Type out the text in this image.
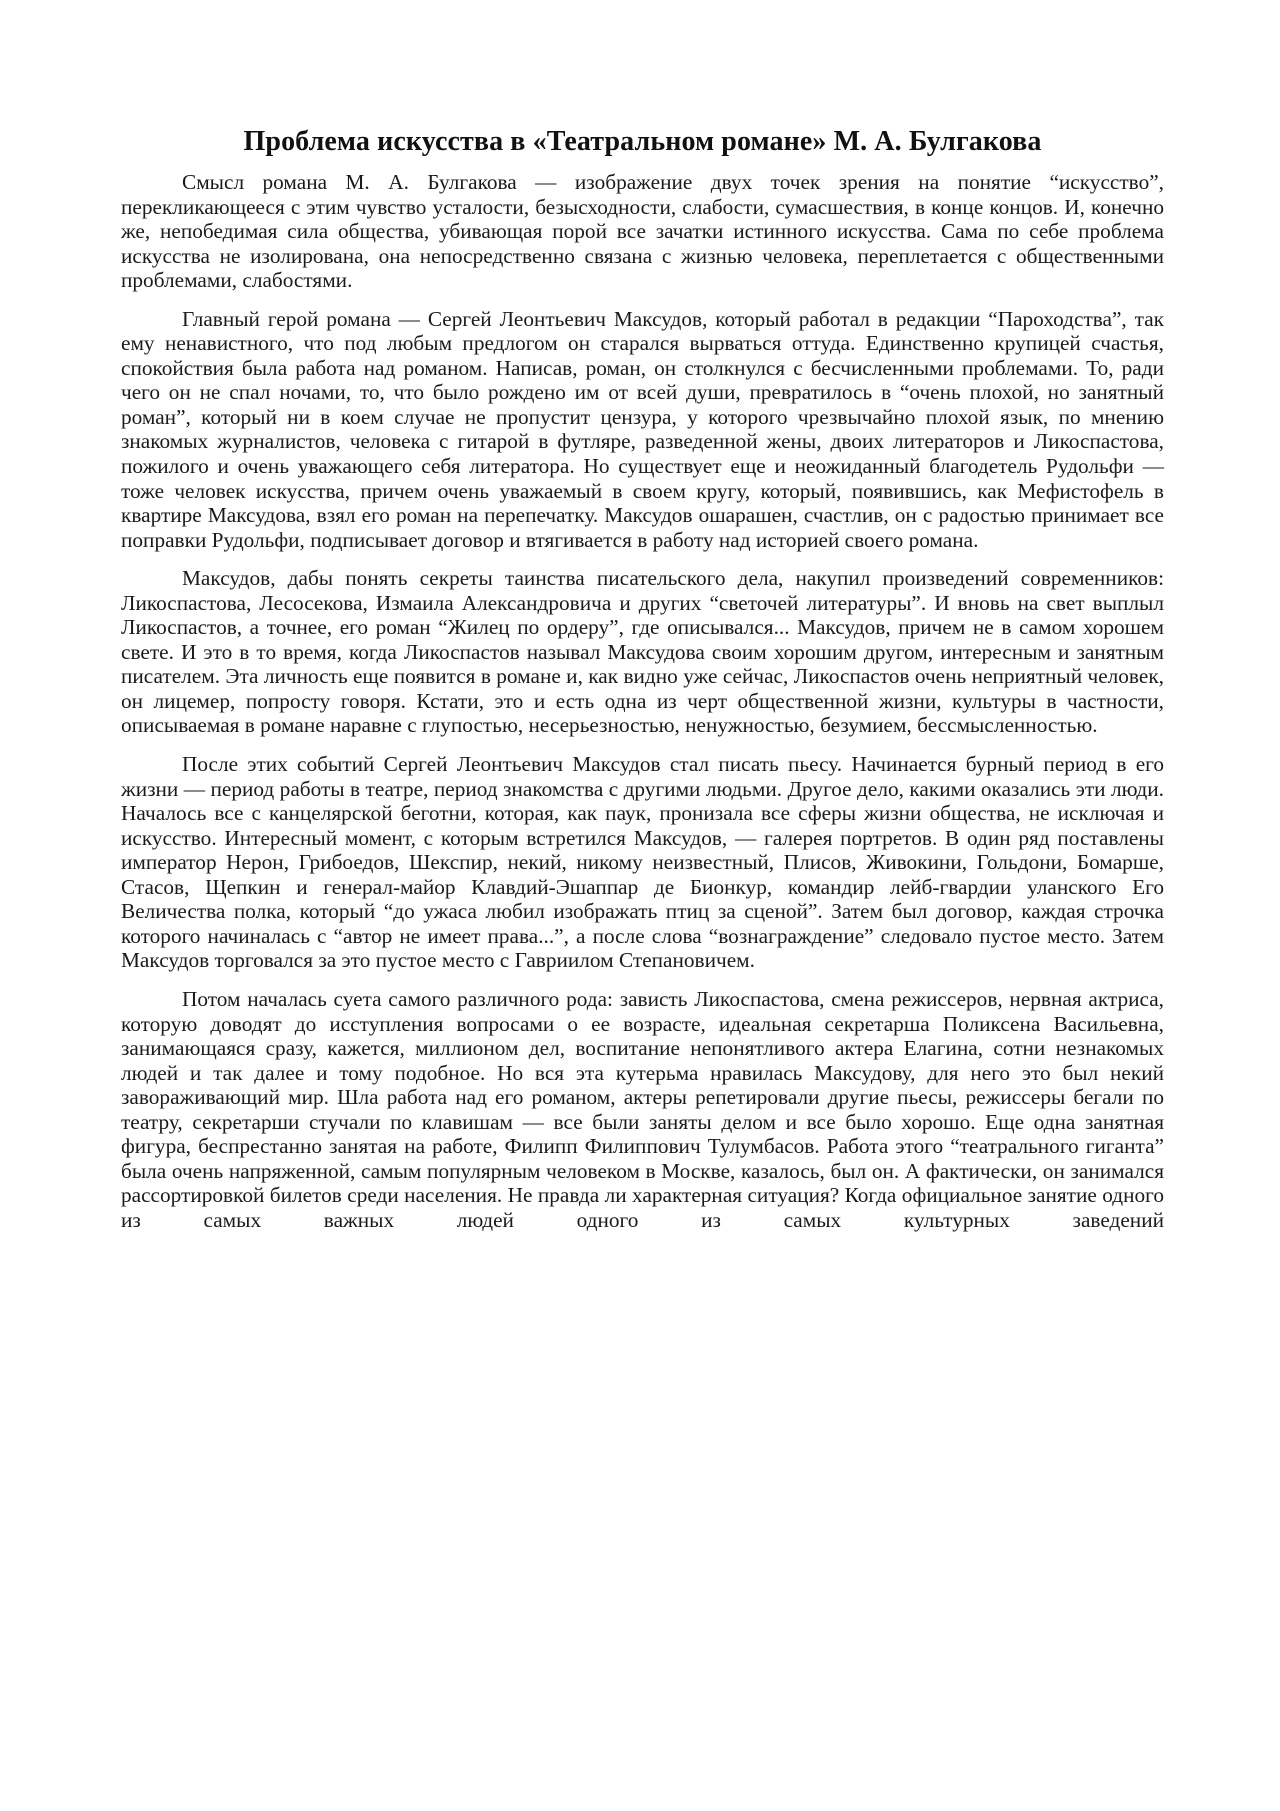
Проблема искусства в «Театральном романе» М. А. Булгакова

Смысл романа М. А. Булгакова — изображение двух точек зрения на понятие “искусство”, перекликающееся с этим чувство усталости, безысходности, слабости, сумасшествия, в конце концов. И, конечно же, непобедимая сила общества, убивающая порой все зачатки истинного искусства. Сама по себе проблема искусства не изолирована, она непосредственно связана с жизнью человека, переплетается с общественными проблемами, слабостями.

Главный герой романа — Сергей Леонтьевич Максудов, который работал в редакции “Пароходства”, так ему ненавистного, что под любым предлогом он старался вырваться оттуда. Единственно крупицей счастья, спокойствия была работа над романом. Написав, роман, он столкнулся с бесчисленными проблемами. То, ради чего он не спал ночами, то, что было рождено им от всей души, превратилось в “очень плохой, но занятный роман”, который ни в коем случае не пропустит цензура, у которого чрезвычайно плохой язык, по мнению знакомых журналистов, человека с гитарой в футляре, разведенной жены, двоих литераторов и Ликоспастова, пожилого и очень уважающего себя литератора. Но существует еще и неожиданный благодетель Рудольфи — тоже человек искусства, причем очень уважаемый в своем кругу, который, появившись, как Мефистофель в квартире Максудова, взял его роман на перепечатку. Максудов ошарашен, счастлив, он с радостью принимает все поправки Рудольфи, подписывает договор и втягивается в работу над историей своего романа.

Максудов, дабы понять секреты таинства писательского дела, накупил произведений современников: Ликоспастова, Лесосекова, Измаила Александровича и других “светочей литературы”. И вновь на свет выплыл Ликоспастов, а точнее, его роман “Жилец по ордеру”, где описывался... Максудов, причем не в самом хорошем свете. И это в то время, когда Ликоспастов называл Максудова своим хорошим другом, интересным и занятным писателем. Эта личность еще появится в романе и, как видно уже сейчас, Ликоспастов очень неприятный человек, он лицемер, попросту говоря. Кстати, это и есть одна из черт общественной жизни, культуры в частности, описываемая в романе наравне с глупостью, несерьезностью, ненужностью, безумием, бессмысленностью.

После этих событий Сергей Леонтьевич Максудов стал писать пьесу. Начинается бурный период в его жизни — период работы в театре, период знакомства с другими людьми. Другое дело, какими оказались эти люди. Началось все с канцелярской беготни, которая, как паук, пронизала все сферы жизни общества, не исключая и искусство. Интересный момент, с которым встретился Максудов, — галерея портретов. В один ряд поставлены император Нерон, Грибоедов, Шекспир, некий, никому неизвестный, Плисов, Живокини, Гольдони, Бомарше, Стасов, Щепкин и генерал-майор Клавдий-Эшаппар де Бионкур, командир лейб-гвардии уланского Его Величества полка, который “до ужаса любил изображать птиц за сценой”. Затем был договор, каждая строчка которого начиналась с “автор не имеет права...”, а после слова “вознаграждение” следовало пустое место. Затем Максудов торговался за это пустое место с Гавриилом Степановичем.

Потом началась суета самого различного рода: зависть Ликоспастова, смена режиссеров, нервная актриса, которую доводят до исступления вопросами о ее возрасте, идеальная секретарша Поликсена Васильевна, занимающаяся сразу, кажется, миллионом дел, воспитание непонятливого актера Елагина, сотни незнакомых людей и так далее и тому подобное. Но вся эта кутерьма нравилась Максудову, для него это был некий завораживающий мир. Шла работа над его романом, актеры репетировали другие пьесы, режиссеры бегали по театру, секретарши стучали по клавишам — все были заняты делом и все было хорошо. Еще одна занятная фигура, беспрестанно занятая на работе, Филипп Филиппович Тулумбасов. Работа этого “театрального гиганта” была очень напряженной, самым популярным человеком в Москве, казалось, был он. А фактически, он занимался рассортировкой билетов среди населения. Не правда ли характерная ситуация? Когда официальное занятие одного из самых важных людей одного из самых культурных заведений
